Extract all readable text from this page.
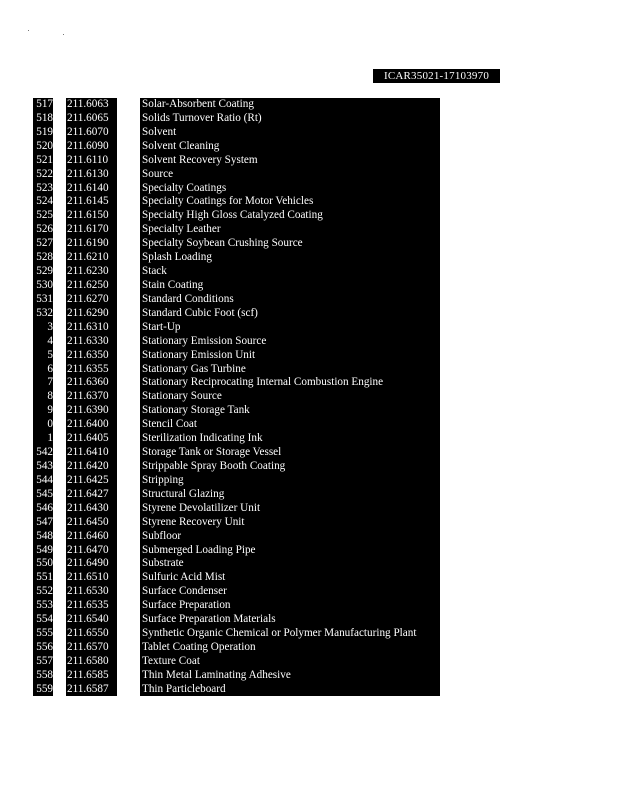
ICAR35021-17103970
517 211.6063	Solar-Absorbent Coating
518 211.6065	Solids Turnover Ratio (Rt)
519 211.6070	Solvent
520 211.6090	Solvent Cleaning
521 211.6110	Solvent Recovery System
522 211.6130	Source
523 211.6140	Specialty Coatings
524 211.6145	Specialty Coatings for Motor Vehicles
525 211.6150	Specialty High Gloss Catalyzed Coating
526 211.6170	Specialty Leather
527 211.6190	Specialty Soybean Crushing Source
528 211.6210	Splash Loading
529 211.6230	Stack
530 211.6250	Stain Coating
531 211.6270	Standard Conditions
532 211.6290	Standard Cubic Foot (scf)
3 211.6310	Start-Up
4 211.6330	Stationary Emission Source
5 211.6350	Stationary Emission Unit
6 211.6355	Stationary Gas Turbine
7 211.6360	Stationary Reciprocating Internal Combustion Engine
8 211.6370	Stationary Source
9 211.6390	Stationary Storage Tank
0 211.6400	Stencil Coat
1 211.6405	Sterilization Indicating Ink
542 211.6410	Storage Tank or Storage Vessel
543 211.6420	Strippable Spray Booth Coating
544 211.6425	Stripping
545 211.6427	Structural Glazing
546 211.6430	Styrene Devolatilizer Unit
547 211.6450	Styrene Recovery Unit
548 211.6460	Subfloor
549 211.6470	Submerged Loading Pipe
550 211.6490	Substrate
551 211.6510	Sulfuric Acid Mist
552 211.6530	Surface Condenser
553 211.6535	Surface Preparation
554 211.6540	Surface Preparation Materials
555 211.6550	Synthetic Organic Chemical or Polymer Manufacturing Plant
556 211.6570	Tablet Coating Operation
557 211.6580	Texture Coat
558 211.6585	Thin Metal Laminating Adhesive
559 211.6587	Thin Particleboard
